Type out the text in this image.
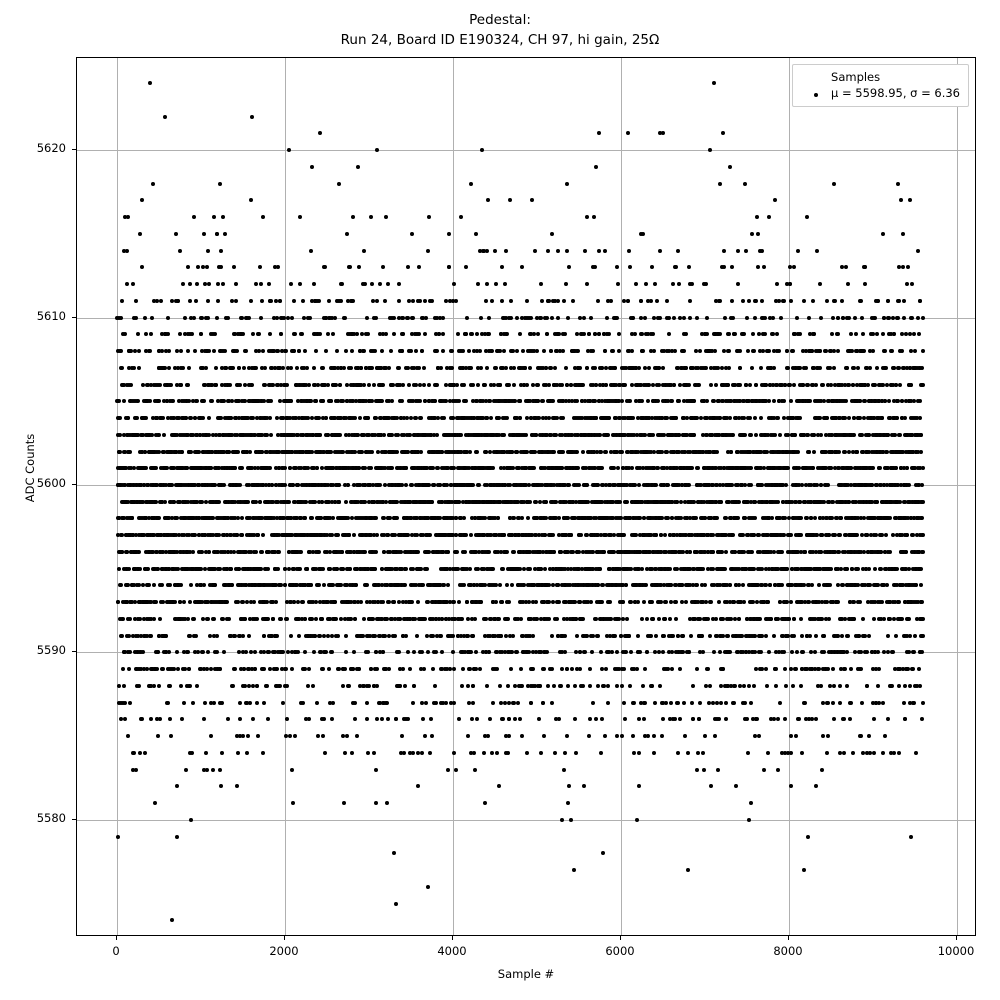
Pedestal:
Run 24, Board ID E190324, CH 97, hi gain, 25Ω
Samples
μ = 5598.95, σ = 6.36
0	2000	4000	6000	8000	10000
5580
5590
5600
5610
5620
Sample #
ADC Counts
